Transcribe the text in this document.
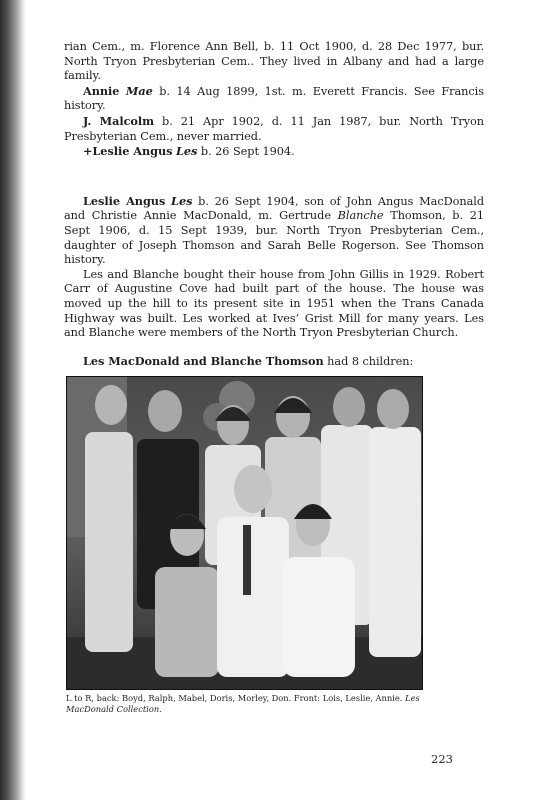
rian Cem., m. Florence Ann Bell, b. 11 Oct 1900, d. 28 Dec 1977, bur. North Tryon Presbyterian Cem.. They lived in Albany and had a large family.

Annie Mae b. 14 Aug 1899, 1st. m. Everett Francis. See Francis history.

J. Malcolm b. 21 Apr 1902, d. 11 Jan 1987, bur. North Tryon Presbyterian Cem., never married.

+Leslie Angus Les b. 26 Sept 1904.

Leslie Angus Les b. 26 Sept 1904, son of John Angus MacDonald and Christie Annie MacDonald, m. Gertrude Blanche Thomson, b. 21 Sept 1906, d. 15 Sept 1939, bur. North Tryon Presbyterian Cem., daughter of Joseph Thomson and Sarah Belle Rogerson. See Thomson history.

Les and Blanche bought their house from John Gillis in 1929. Robert Carr of Augustine Cove had built part of the house. The house was moved up the hill to its present site in 1951 when the Trans Canada Highway was built. Les worked at Ives’ Grist Mill for many years. Les and Blanche were members of the North Tryon Presbyterian Church.

Les MacDonald and Blanche Thomson had 8 children:

L to R, back: Boyd, Ralph, Mabel, Doris, Morley, Don. Front: Lois, Leslie, Annie. Les MacDonald Collection.
223
